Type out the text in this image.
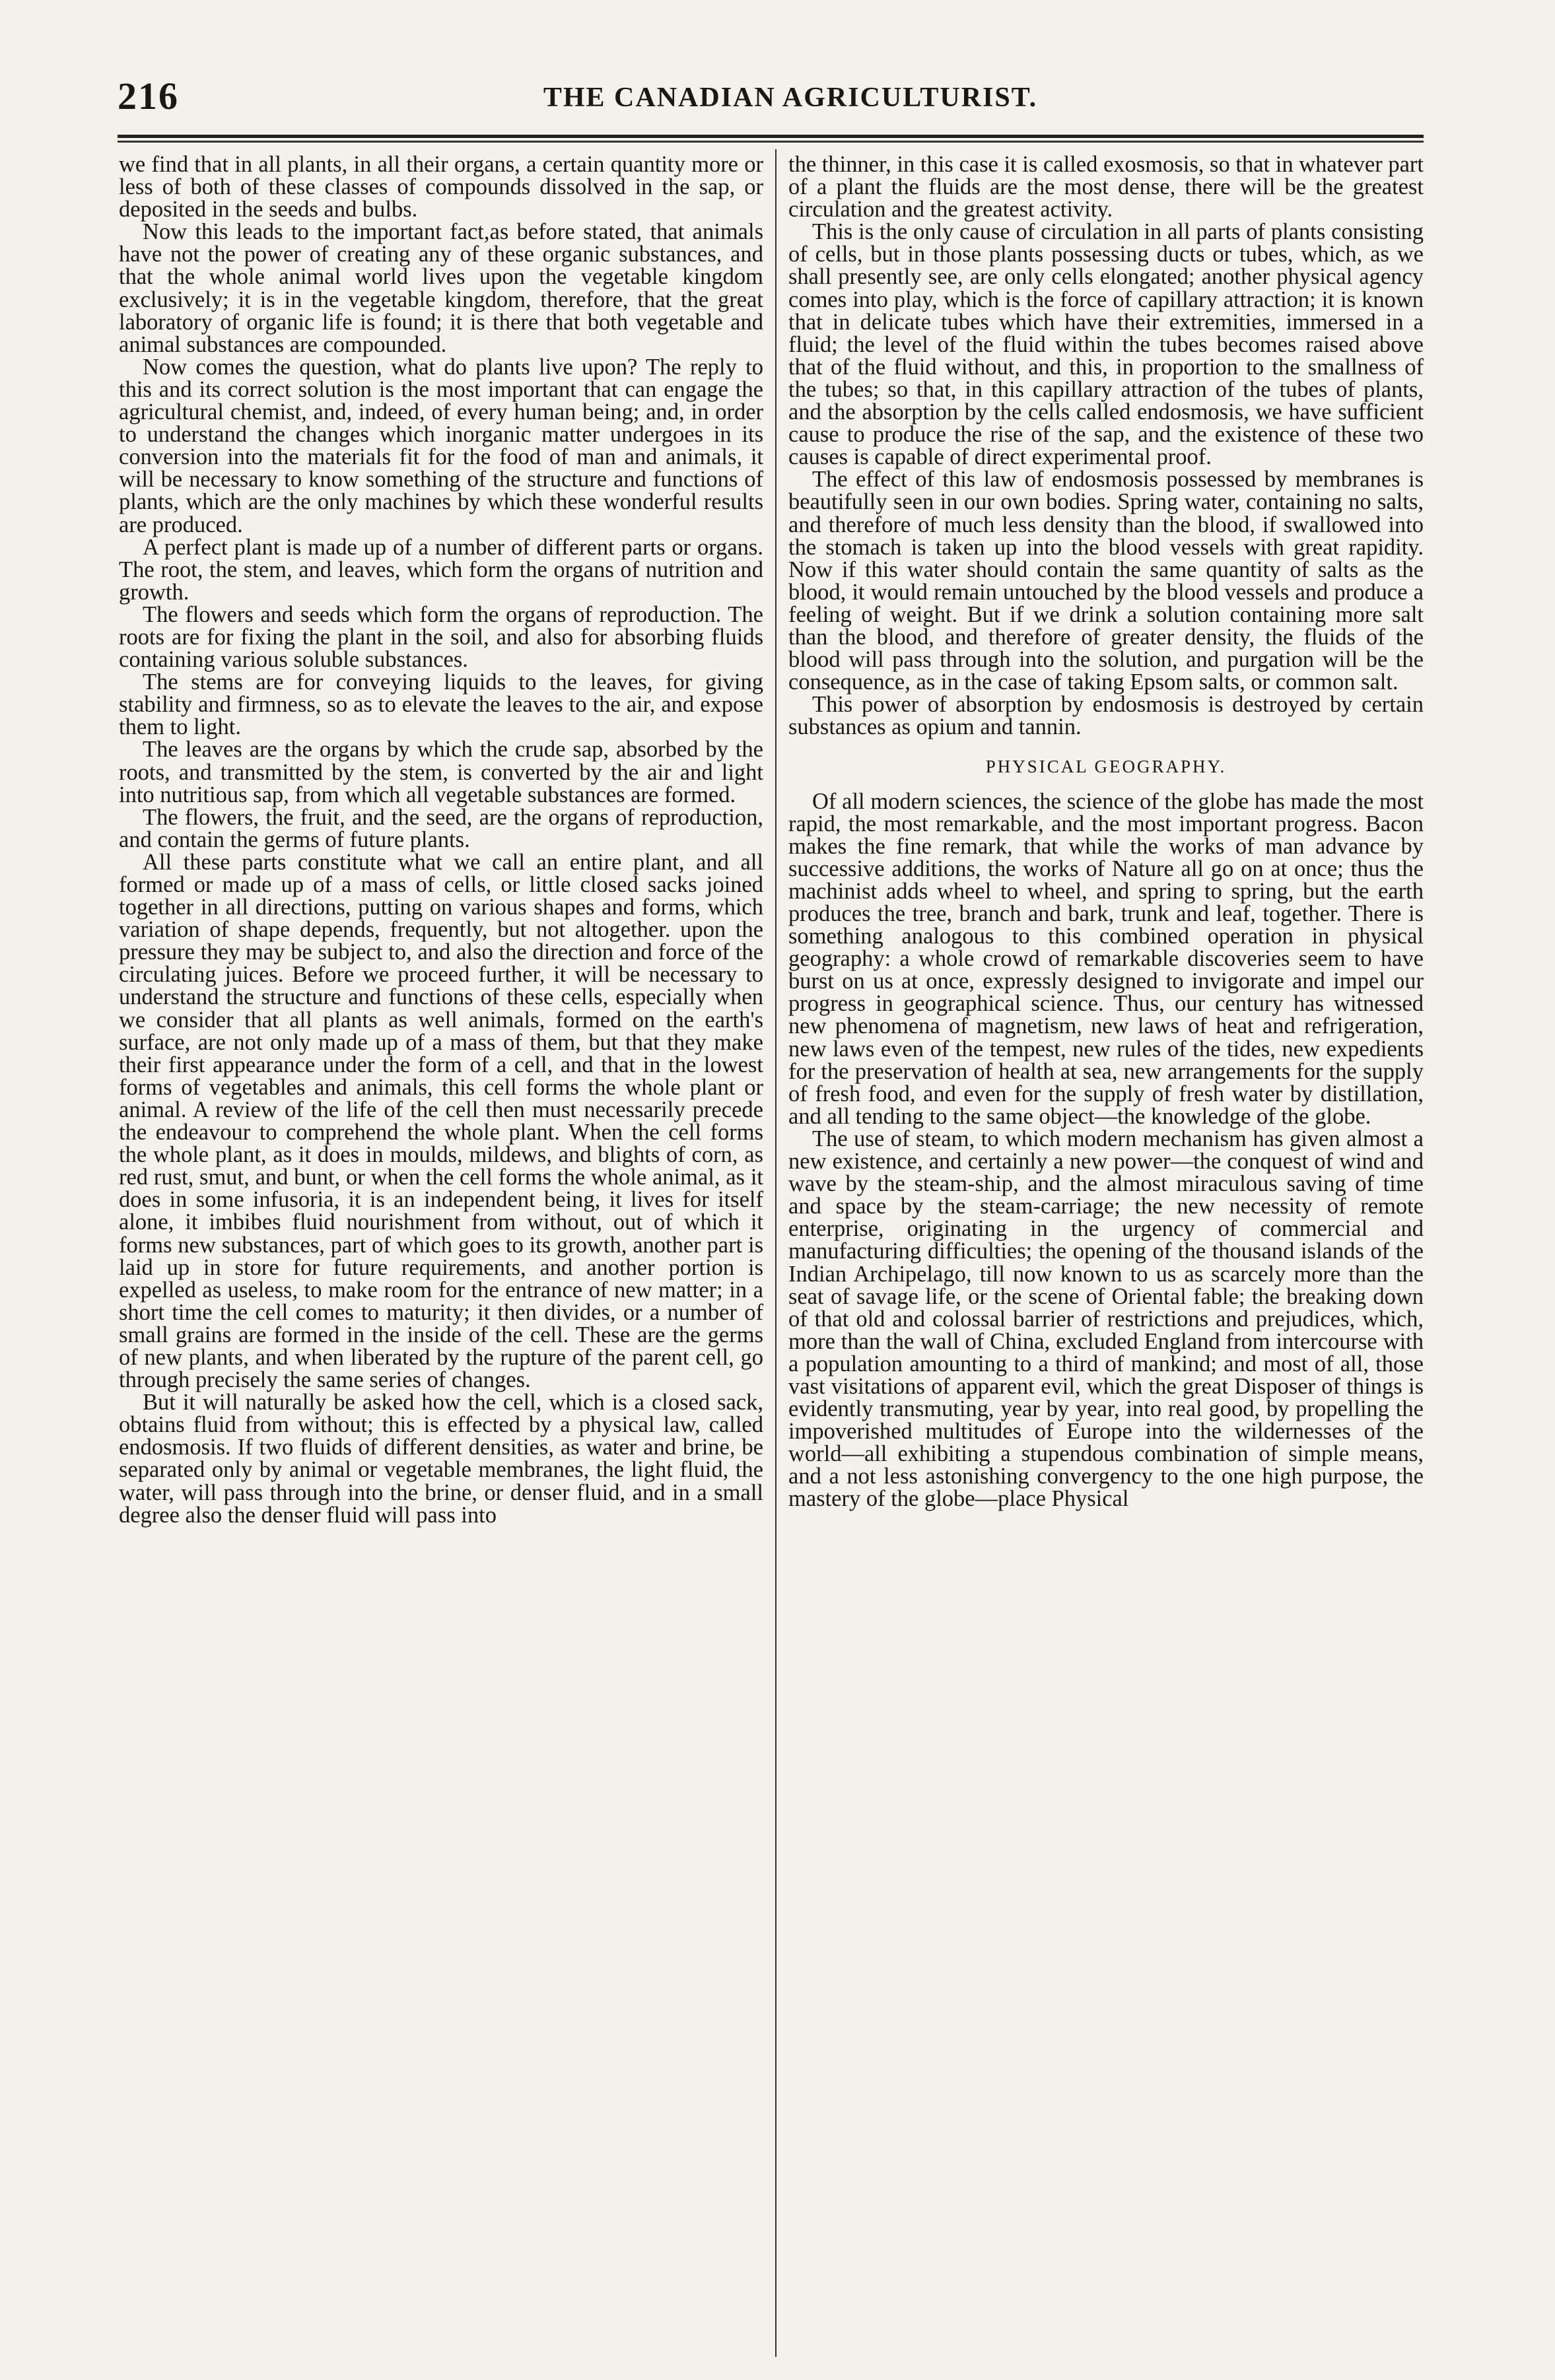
216	THE CANADIAN AGRICULTURIST.

we find that in all plants, in all their organs, a certain quantity more or less of both of these classes of compounds dissolved in the sap, or deposited in the seeds and bulbs.

Now this leads to the important fact,as before stated, that animals have not the power of creating any of these organic substances, and that the whole animal world lives upon the vegetable kingdom exclusively; it is in the vegetable kingdom, therefore, that the great laboratory of organic life is found; it is there that both vegetable and animal substances are compounded.

Now comes the question, what do plants live upon? The reply to this and its correct solution is the most important that can engage the agricultural chemist, and, indeed, of every human being; and, in order to understand the changes which inorganic matter undergoes in its conversion into the materials fit for the food of man and animals, it will be necessary to know something of the structure and functions of plants, which are the only machines by which these wonderful results are produced.

A perfect plant is made up of a number of different parts or organs. The root, the stem, and leaves, which form the organs of nutrition and growth.

The flowers and seeds which form the organs of reproduction. The roots are for fixing the plant in the soil, and also for absorbing fluids containing various soluble substances.

The stems are for conveying liquids to the leaves, for giving stability and firmness, so as to elevate the leaves to the air, and expose them to light.

The leaves are the organs by which the crude sap, absorbed by the roots, and transmitted by the stem, is converted by the air and light into nutritious sap, from which all vegetable substances are formed.

The flowers, the fruit, and the seed, are the organs of reproduction, and contain the germs of future plants.

All these parts constitute what we call an entire plant, and all formed or made up of a mass of cells, or little closed sacks joined together in all directions, putting on various shapes and forms, which variation of shape depends, frequently, but not altogether. upon the pressure they may be subject to, and also the direction and force of the circulating juices. Before we proceed further, it will be necessary to understand the structure and functions of these cells, especially when we consider that all plants as well animals, formed on the earth's surface, are not only made up of a mass of them, but that they make their first appearance under the form of a cell, and that in the lowest forms of vegetables and animals, this cell forms the whole plant or animal. A review of the life of the cell then must necessarily precede the endeavour to comprehend the whole plant. When the cell forms the whole plant, as it does in moulds, mildews, and blights of corn, as red rust, smut, and bunt, or when the cell forms the whole animal, as it does in some infusoria, it is an independent being, it lives for itself alone, it imbibes fluid nourishment from without, out of which it forms new substances, part of which goes to its growth, another part is laid up in store for future requirements, and another portion is expelled as useless, to make room for the entrance of new matter; in a short time the cell comes to maturity; it then divides, or a number of small grains are formed in the inside of the cell. These are the germs of new plants, and when liberated by the rupture of the parent cell, go through precisely the same series of changes.

But it will naturally be asked how the cell, which is a closed sack, obtains fluid from without; this is effected by a physical law, called endosmosis. If two fluids of different densities, as water and brine, be separated only by animal or vegetable membranes, the light fluid, the water, will pass through into the brine, or denser fluid, and in a small degree also the denser fluid will pass into

the thinner, in this case it is called exosmosis, so that in whatever part of a plant the fluids are the most dense, there will be the greatest circulation and the greatest activity.

This is the only cause of circulation in all parts of plants consisting of cells, but in those plants possessing ducts or tubes, which, as we shall presently see, are only cells elongated; another physical agency comes into play, which is the force of capillary attraction; it is known that in delicate tubes which have their extremities, immersed in a fluid; the level of the fluid within the tubes becomes raised above that of the fluid without, and this, in proportion to the smallness of the tubes; so that, in this capillary attraction of the tubes of plants, and the absorption by the cells called endosmosis, we have sufficient cause to produce the rise of the sap, and the existence of these two causes is capable of direct experimental proof.

The effect of this law of endosmosis possessed by membranes is beautifully seen in our own bodies. Spring water, containing no salts, and therefore of much less density than the blood, if swallowed into the stomach is taken up into the blood vessels with great rapidity. Now if this water should contain the same quantity of salts as the blood, it would remain untouched by the blood vessels and produce a feeling of weight. But if we drink a solution containing more salt than the blood, and therefore of greater density, the fluids of the blood will pass through into the solution, and purgation will be the consequence, as in the case of taking Epsom salts, or common salt.

This power of absorption by endosmosis is destroyed by certain substances as opium and tannin.

PHYSICAL GEOGRAPHY.

Of all modern sciences, the science of the globe has made the most rapid, the most remarkable, and the most important progress. Bacon makes the fine remark, that while the works of man advance by successive additions, the works of Nature all go on at once; thus the machinist adds wheel to wheel, and spring to spring, but the earth produces the tree, branch and bark, trunk and leaf, together. There is something analogous to this combined operation in physical geography: a whole crowd of remarkable discoveries seem to have burst on us at once, expressly designed to invigorate and impel our progress in geographical science. Thus, our century has witnessed new phenomena of magnetism, new laws of heat and refrigeration, new laws even of the tempest, new rules of the tides, new expedients for the preservation of health at sea, new arrangements for the supply of fresh food, and even for the supply of fresh water by distillation, and all tending to the same object—the knowledge of the globe.

The use of steam, to which modern mechanism has given almost a new existence, and certainly a new power—the conquest of wind and wave by the steam-ship, and the almost miraculous saving of time and space by the steam-carriage; the new necessity of remote enterprise, originating in the urgency of commercial and manufacturing difficulties; the opening of the thousand islands of the Indian Archipelago, till now known to us as scarcely more than the seat of savage life, or the scene of Oriental fable; the breaking down of that old and colossal barrier of restrictions and prejudices, which, more than the wall of China, excluded England from intercourse with a population amounting to a third of mankind; and most of all, those vast visitations of apparent evil, which the great Disposer of things is evidently transmuting, year by year, into real good, by propelling the impoverished multitudes of Europe into the wildernesses of the world—all exhibiting a stupendous combination of simple means, and a not less astonishing convergency to the one high purpose, the mastery of the globe—place Physical
